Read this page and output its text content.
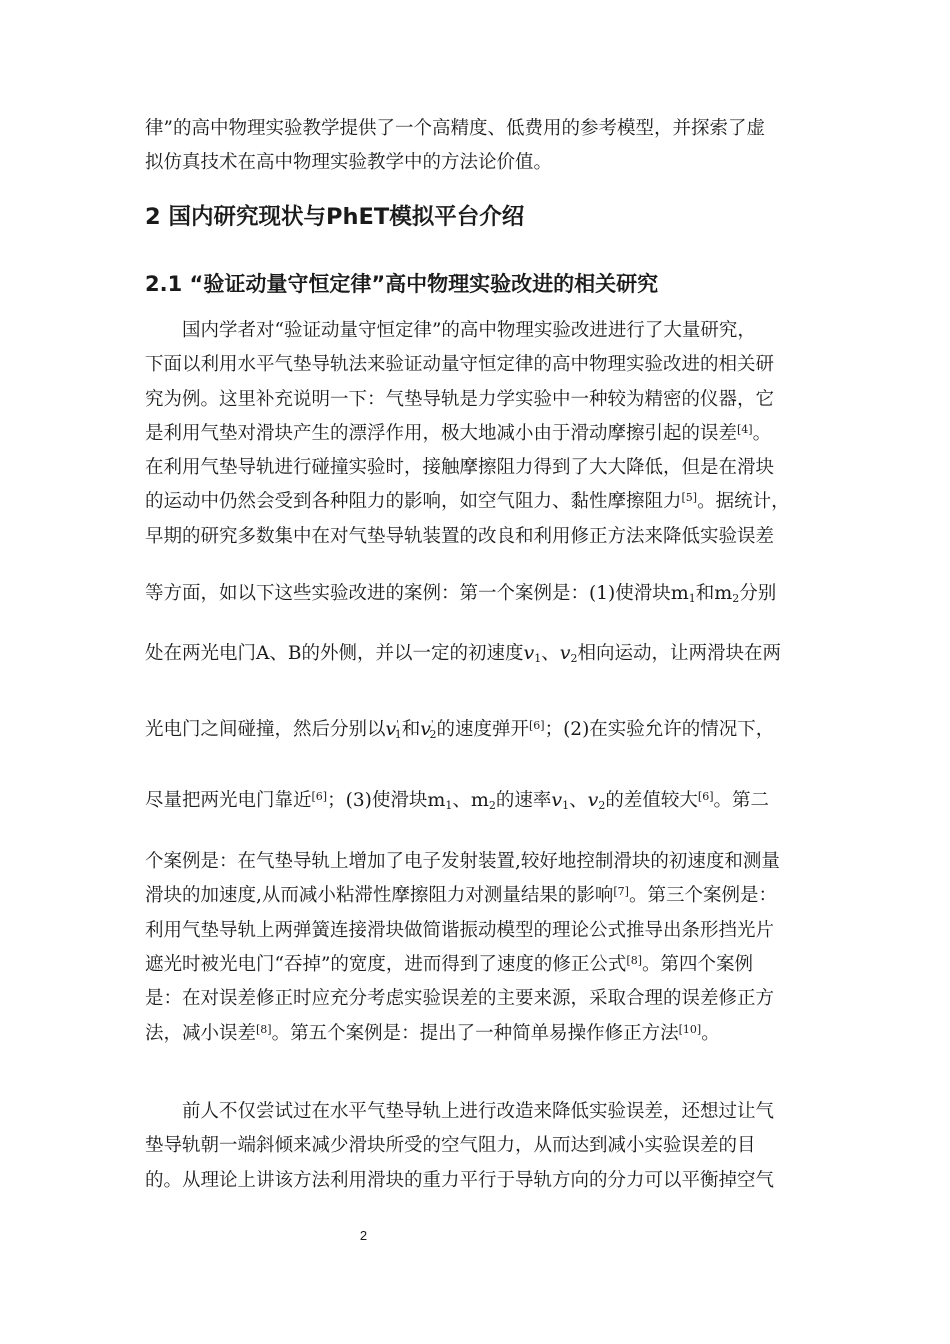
律”的高中物理实验教学提供了一个高精度、低费用的参考模型，并探索了虚
拟仿真技术在高中物理实验教学中的方法论价值。

2 国内研究现状与PhET模拟平台介绍
2.1 “验证动量守恒定律”高中物理实验改进的相关研究
国内学者对“验证动量守恒定律”的高中物理实验改进进行了大量研究，
下面以利用水平气垫导轨法来验证动量守恒定律的高中物理实验改进的相关研
究为例。这里补充说明一下：气垫导轨是力学实验中一种较为精密的仪器，它
是利用气垫对滑块产生的漂浮作用，极大地减小由于滑动摩擦引起的误差[4]。
在利用气垫导轨进行碰撞实验时，接触摩擦阻力得到了大大降低，但是在滑块
的运动中仍然会受到各种阻力的影响，如空气阻力、黏性摩擦阻力[5]。据统计，
早期的研究多数集中在对气垫导轨装置的改良和利用修正方法来降低实验误差
等方面，如以下这些实验改进的案例：第一个案例是：(1)使滑块$m_1$和$m_2$分别
处在两光电门A、B的外侧，并以一定的初速度$v_1$、$v_2$相向运动，让两滑块在两
光电门之间碰撞，然后分别以$v'_1$和$v'_2$的速度弹开[6]；(2)在实验允许的情况下，
尽量把两光电门靠近[6]；(3)使滑块$m_1$、$m_2$的速率$v_1$、$v_2$的差值较大[6]。第二
个案例是：在气垫导轨上增加了电子发射装置,较好地控制滑块的初速度和测量
滑块的加速度,从而减小粘滞性摩擦阻力对测量结果的影响[7]。第三个案例是：
利用气垫导轨上两弹簧连接滑块做简谐振动模型的理论公式推导出条形挡光片
遮光时被光电门“吞掉”的宽度，进而得到了速度的修正公式[8]。第四个案例
是：在对误差修正时应充分考虑实验误差的主要来源，采取合理的误差修正方
法，减小误差[8]。第五个案例是：提出了一种简单易操作修正方法[10]。

前人不仅尝试过在水平气垫导轨上进行改造来降低实验误差，还想过让气
垫导轨朝一端斜倾来减少滑块所受的空气阻力，从而达到减小实验误差的目
的。从理论上讲该方法利用滑块的重力平行于导轨方向的分力可以平衡掉空气

2
